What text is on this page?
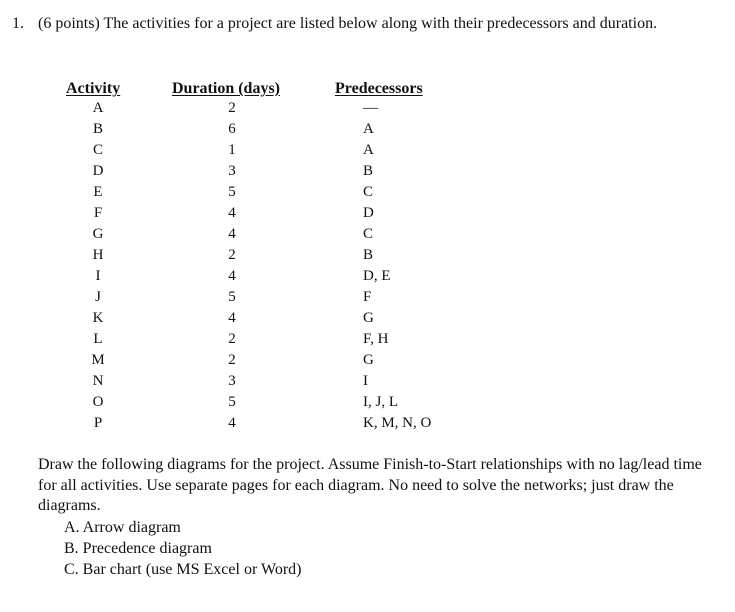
1. (6 points) The activities for a project are listed below along with their predecessors and duration.
Activity	Duration (days)	Predecessors
A	2	—
B	6	A
C	1	A
D	3	B
E	5	C
F	4	D
G	4	C
H	2	B
I	4	D, E
J	5	F
K	4	G
L	2	F, H
M	2	G
N	3	I
O	5	I, J, L
P	4	K, M, N, O
Draw the following diagrams for the project. Assume Finish-to-Start relationships with no lag/lead time for all activities. Use separate pages for each diagram. No need to solve the networks; just draw the diagrams.
A. Arrow diagram
B. Precedence diagram
C. Bar chart (use MS Excel or Word)
